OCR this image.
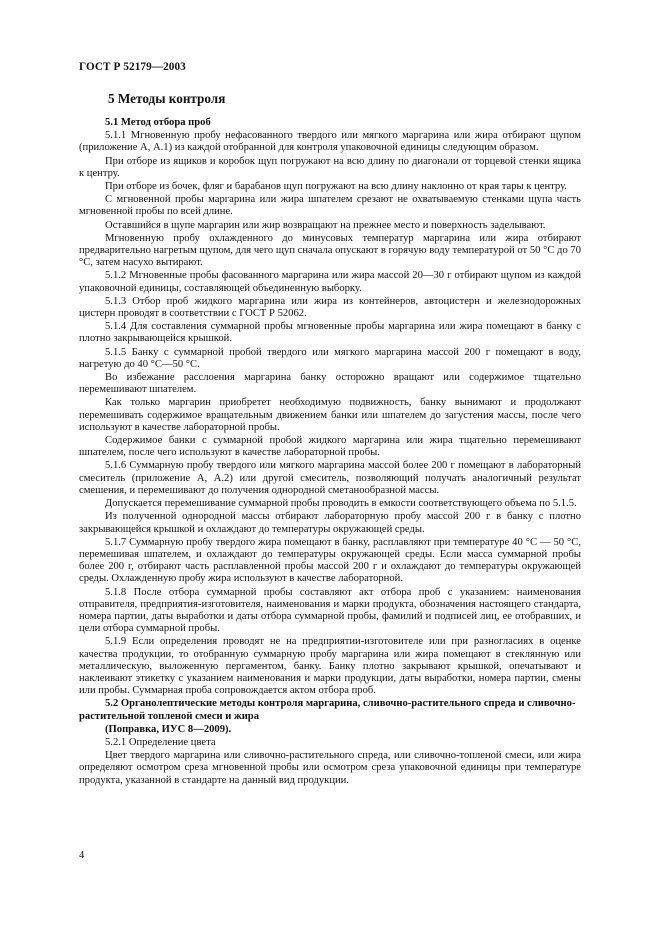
ГОСТ Р 52179—2003
5 Методы контроля
5.1 Метод отбора проб
5.1.1 Мгновенную пробу нефасованного твердого или мягкого маргарина или жира отбирают щупом (приложение А, А.1) из каждой отобранной для контроля упаковочной единицы следующим образом.
При отборе из ящиков и коробок щуп погружают на всю длину по диагонали от торцевой стенки ящика к центру.
При отборе из бочек, фляг и барабанов щуп погружают на всю длину наклонно от края тары к центру.
С мгновенной пробы маргарина или жира шпателем срезают не охватываемую стенками щупа часть мгновенной пробы по всей длине.
Оставшийся в щупе маргарин или жир возвращают на прежнее место и поверхность заделывают.
Мгновенную пробу охлажденного до минусовых температур маргарина или жира отбирают предварительно нагретым щупом, для чего щуп сначала опускают в горячую воду температурой от 50 °С до 70 °С, затем насухо вытирают.
5.1.2 Мгновенные пробы фасованного маргарина или жира массой 20—30 г отбирают щупом из каждой упаковочной единицы, составляющей объединенную выборку.
5.1.3 Отбор проб жидкого маргарина или жира из контейнеров, автоцистерн и железнодорожных цистерн проводят в соответствии с ГОСТ Р 52062.
5.1.4 Для составления суммарной пробы мгновенные пробы маргарина или жира помещают в банку с плотно закрывающейся крышкой.
5.1.5 Банку с суммарной пробой твердого или мягкого маргарина массой 200 г помещают в воду, нагретую до 40 °С—50 °С.
Во избежание расслоения маргарина банку осторожно вращают или содержимое тщательно перемешивают шпателем.
Как только маргарин приобретет необходимую подвижность, банку вынимают и продолжают перемешивать содержимое вращательным движением банки или шпателем до загустения массы, после чего используют в качестве лабораторной пробы.
Содержимое банки с суммарной пробой жидкого маргарина или жира тщательно перемешивают шпателем, после чего используют в качестве лабораторной пробы.
5.1.6 Суммарную пробу твердого или мягкого маргарина массой более 200 г помещают в лабораторный смеситель (приложение А, А.2) или другой смеситель, позволяющий получать аналогичный результат смешения, и перемешивают до получения однородной сметанообразной массы.
Допускается перемешивание суммарной пробы проводить в емкости соответствующего объема по 5.1.5.
Из полученной однородной массы отбирают лабораторную пробу массой 200 г в банку с плотно закрывающейся крышкой и охлаждают до температуры окружающей среды.
5.1.7 Суммарную пробу твердого жира помещают в банку, расплавляют при температуре 40 °С — 50 °С, перемешивая шпателем, и охлаждают до температуры окружающей среды. Если масса суммарной пробы более 200 г, отбирают часть расплавленной пробы массой 200 г и охлаждают до температуры окружающей среды. Охлажденную пробу жира используют в качестве лабораторной.
5.1.8 После отбора суммарной пробы составляют акт отбора проб с указанием: наименования отправителя, предприятия-изготовителя, наименования и марки продукта, обозначения настоящего стандарта, номера партии, даты выработки и даты отбора суммарной пробы, фамилий и подписей лиц, ее отобравших, и цели отбора суммарной пробы.
5.1.9 Если определения проводят не на предприятии-изготовителе или при разногласиях в оценке качества продукции, то отобранную суммарную пробу маргарина или жира помещают в стеклянную или металлическую, выложенную пергаментом, банку. Банку плотно закрывают крышкой, опечатывают и наклеивают этикетку с указанием наименования и марки продукции, даты выработки, номера партии, смены или пробы. Суммарная проба сопровождается актом отбора проб.
5.2 Органолептические методы контроля маргарина, сливочно-растительного спреда и сливочно-растительной топленой смеси и жира
(Поправка, ИУС 8—2009).
5.2.1 Определение цвета
Цвет твердого маргарина или сливочно-растительного спреда, или сливочно-топленой смеси, или жира определяют осмотром среза мгновенной пробы или осмотром среза упаковочной единицы при температуре продукта, указанной в стандарте на данный вид продукции.
4
